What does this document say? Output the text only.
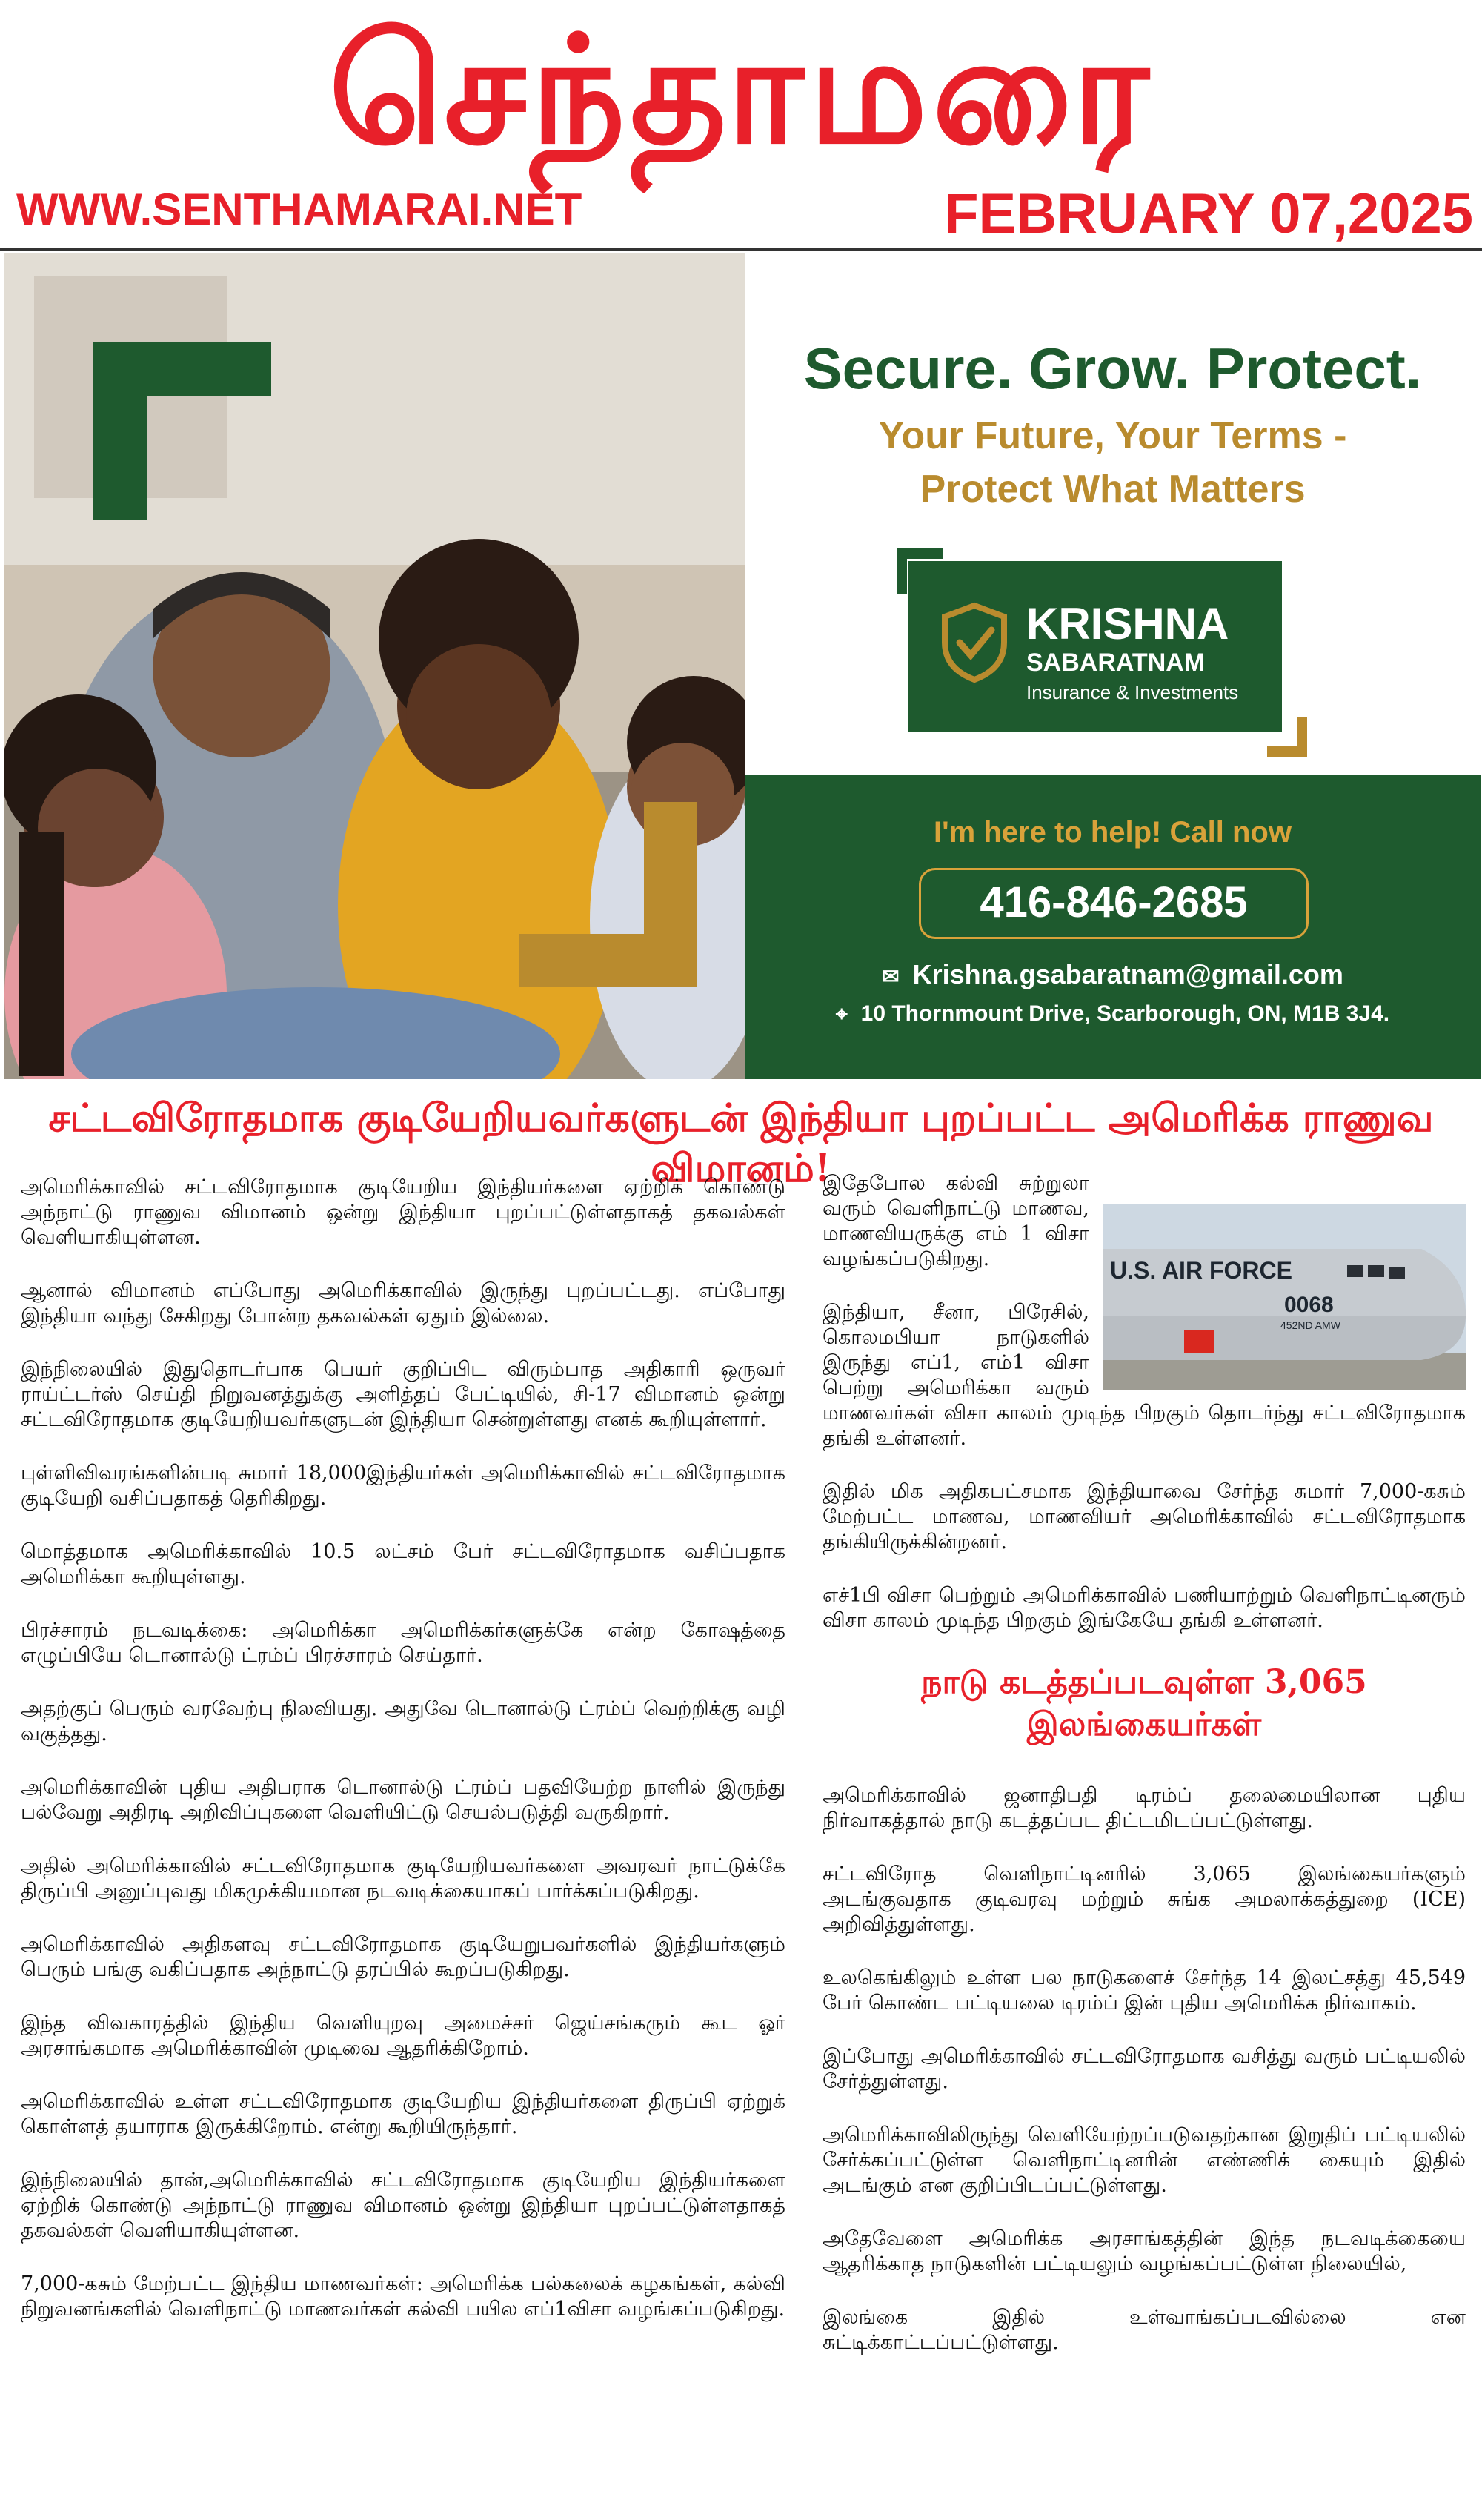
செந்தாமரை
WWW.SENTHAMARAI.NET	FEBRUARY 07,2025
Secure. Grow. Protect.
Your Future, Your Terms -
Protect What Matters
KRISHNA
SABARATNAM
Insurance & Investments
I'm here to help! Call now
416-846-2685
✉ Krishna.gsabaratnam@gmail.com
⌖ 10 Thornmount Drive, Scarborough, ON, M1B 3J4.
சட்டவிரோதமாக குடியேறியவர்களுடன் இந்தியா புறப்பட்ட அமெரிக்க ராணுவ விமானம்!

அமெரிக்காவில் சட்டவிரோதமாக குடியேறிய இந்தியர்களை ஏற்றிக் கொண்டு அந்நாட்டு ராணுவ விமானம் ஒன்று இந்தியா புறப்பட்டுள்ளதாகத் தகவல்கள் வெளியாகியுள்ளன.

ஆனால் விமானம் எப்போது அமெரிக்காவில் இருந்து புறப்பட்டது. எப்போது இந்தியா வந்து சேகிறது போன்ற தகவல்கள் ஏதும் இல்லை.

இந்நிலையில் இதுதொடர்பாக பெயர் குறிப்பிட விரும்பாத அதிகாரி ஒருவர் ராய்ட்டர்ஸ் செய்தி நிறுவனத்துக்கு அளித்தப் பேட்டியில், சி-17 விமானம் ஒன்று சட்டவிரோதமாக குடியேறியவர்களுடன் இந்தியா சென்றுள்ளது எனக் கூறியுள்ளார்.

புள்ளிவிவரங்களின்படி சுமார் 18,000இந்தியர்கள் அமெரிக்காவில் சட்டவிரோதமாக குடியேறி வசிப்பதாகத் தெரிகிறது.

மொத்தமாக அமெரிக்காவில் 10.5 லட்சம் பேர் சட்டவிரோதமாக வசிப்பதாக அமெரிக்கா கூறியுள்ளது.

பிரச்சாரம் நடவடிக்கை: அமெரிக்கா அமெரிக்கர்களுக்கே என்ற கோஷத்தை எழுப்பியே டொனால்டு ட்ரம்ப் பிரச்சாரம் செய்தார்.

அதற்குப் பெரும் வரவேற்பு நிலவியது. அதுவே டொனால்டு ட்ரம்ப் வெற்றிக்கு வழி வகுத்தது.

அமெரிக்காவின் புதிய அதிபராக டொனால்டு ட்ரம்ப் பதவியேற்ற நாளில் இருந்து பல்வேறு அதிரடி அறிவிப்புகளை வெளியிட்டு செயல்படுத்தி வருகிறார்.

அதில் அமெரிக்காவில் சட்டவிரோதமாக குடியேறியவர்களை அவரவர் நாட்டுக்கே திருப்பி அனுப்புவது மிகமுக்கியமான நடவடிக்கையாகப் பார்க்கப்படுகிறது.

அமெரிக்காவில் அதிகளவு சட்டவிரோதமாக குடியேறுபவர்களில் இந்தியர்களும் பெரும் பங்கு வகிப்பதாக அந்நாட்டு தரப்பில் கூறப்படுகிறது.

இந்த விவகாரத்தில் இந்திய வெளியுறவு அமைச்சர் ஜெய்சங்கரும் கூட ஓர் அரசாங்கமாக அமெரிக்காவின் முடிவை ஆதரிக்கிறோம்.

அமெரிக்காவில் உள்ள சட்டவிரோதமாக குடியேறிய இந்தியர்களை திருப்பி ஏற்றுக் கொள்ளத் தயாராக இருக்கிறோம். என்று கூறியிருந்தார்.

இந்நிலையில் தான்,அமெரிக்காவில் சட்டவிரோதமாக குடியேறிய இந்தியர்களை ஏற்றிக் கொண்டு அந்நாட்டு ராணுவ விமானம் ஒன்று இந்தியா புறப்பட்டுள்ளதாகத் தகவல்கள் வெளியாகியுள்ளன.

7,000-கசும் மேற்பட்ட இந்திய மாணவர்கள்: அமெரிக்க பல்கலைக் கழகங்கள், கல்வி நிறுவனங்களில் வெளிநாட்டு மாணவர்கள் கல்வி பயில எப்1விசா வழங்கப்படுகிறது.

U.S. AIR FORCE
0068
452ND AMW

இதேபோல கல்வி சுற்றுலா வரும் வெளிநாட்டு மாணவ, மாணவியருக்கு எம் 1 விசா வழங்கப்படுகிறது.

இந்தியா, சீனா, பிரேசில், கொலமபியா நாடுகளில் இருந்து எப்1, எம்1 விசா பெற்று அமெரிக்கா வரும் மாணவர்கள் விசா காலம் முடிந்த பிறகும் தொடர்ந்து சட்டவிரோதமாக தங்கி உள்ளனர்.

இதில் மிக அதிகபட்சமாக இந்தியாவை சேர்ந்த சுமார் 7,000-கசும் மேற்பட்ட மாணவ, மாணவியர் அமெரிக்காவில் சட்டவிரோதமாக தங்கியிருக்கின்றனர்.

எச்1பி விசா பெற்றும் அமெரிக்காவில் பணியாற்றும் வெளிநாட்டினரும் விசா காலம் முடிந்த பிறகும் இங்கேயே தங்கி உள்ளனர்.

நாடு கடத்தப்படவுள்ள 3,065 இலங்கையர்கள்

அமெரிக்காவில் ஜனாதிபதி டிரம்ப் தலைமையிலான புதிய நிர்வாகத்தால் நாடு கடத்தப்பட திட்டமிடப்பட்டுள்ளது.

சட்டவிரோத வெளிநாட்டினரில் 3,065 இலங்கையர்களும் அடங்குவதாக குடிவரவு மற்றும் சுங்க அமலாக்கத்துறை (ICE) அறிவித்துள்ளது.

உலகெங்கிலும் உள்ள பல நாடுகளைச் சேர்ந்த 14 இலட்சத்து 45,549 பேர் கொண்ட பட்டியலை டிரம்ப் இன் புதிய அமெரிக்க நிர்வாகம்.

இப்போது அமெரிக்காவில் சட்டவிரோதமாக வசித்து வரும் பட்டியலில் சேர்த்துள்ளது.

அமெரிக்காவிலிருந்து வெளியேற்றப்படுவதற்கான இறுதிப் பட்டியலில் சேர்க்கப்பட்டுள்ள வெளிநாட்டினரின் எண்ணிக் கையும் இதில் அடங்கும் என குறிப்பிடப்பட்டுள்ளது.

அதேவேளை அமெரிக்க அரசாங்கத்தின் இந்த நடவடிக்கையை ஆதரிக்காத நாடுகளின் பட்டியலும் வழங்கப்பட்டுள்ள நிலையில்,

இலங்கை இதில் உள்வாங்கப்படவில்லை என சுட்டிக்காட்டப்பட்டுள்ளது.
